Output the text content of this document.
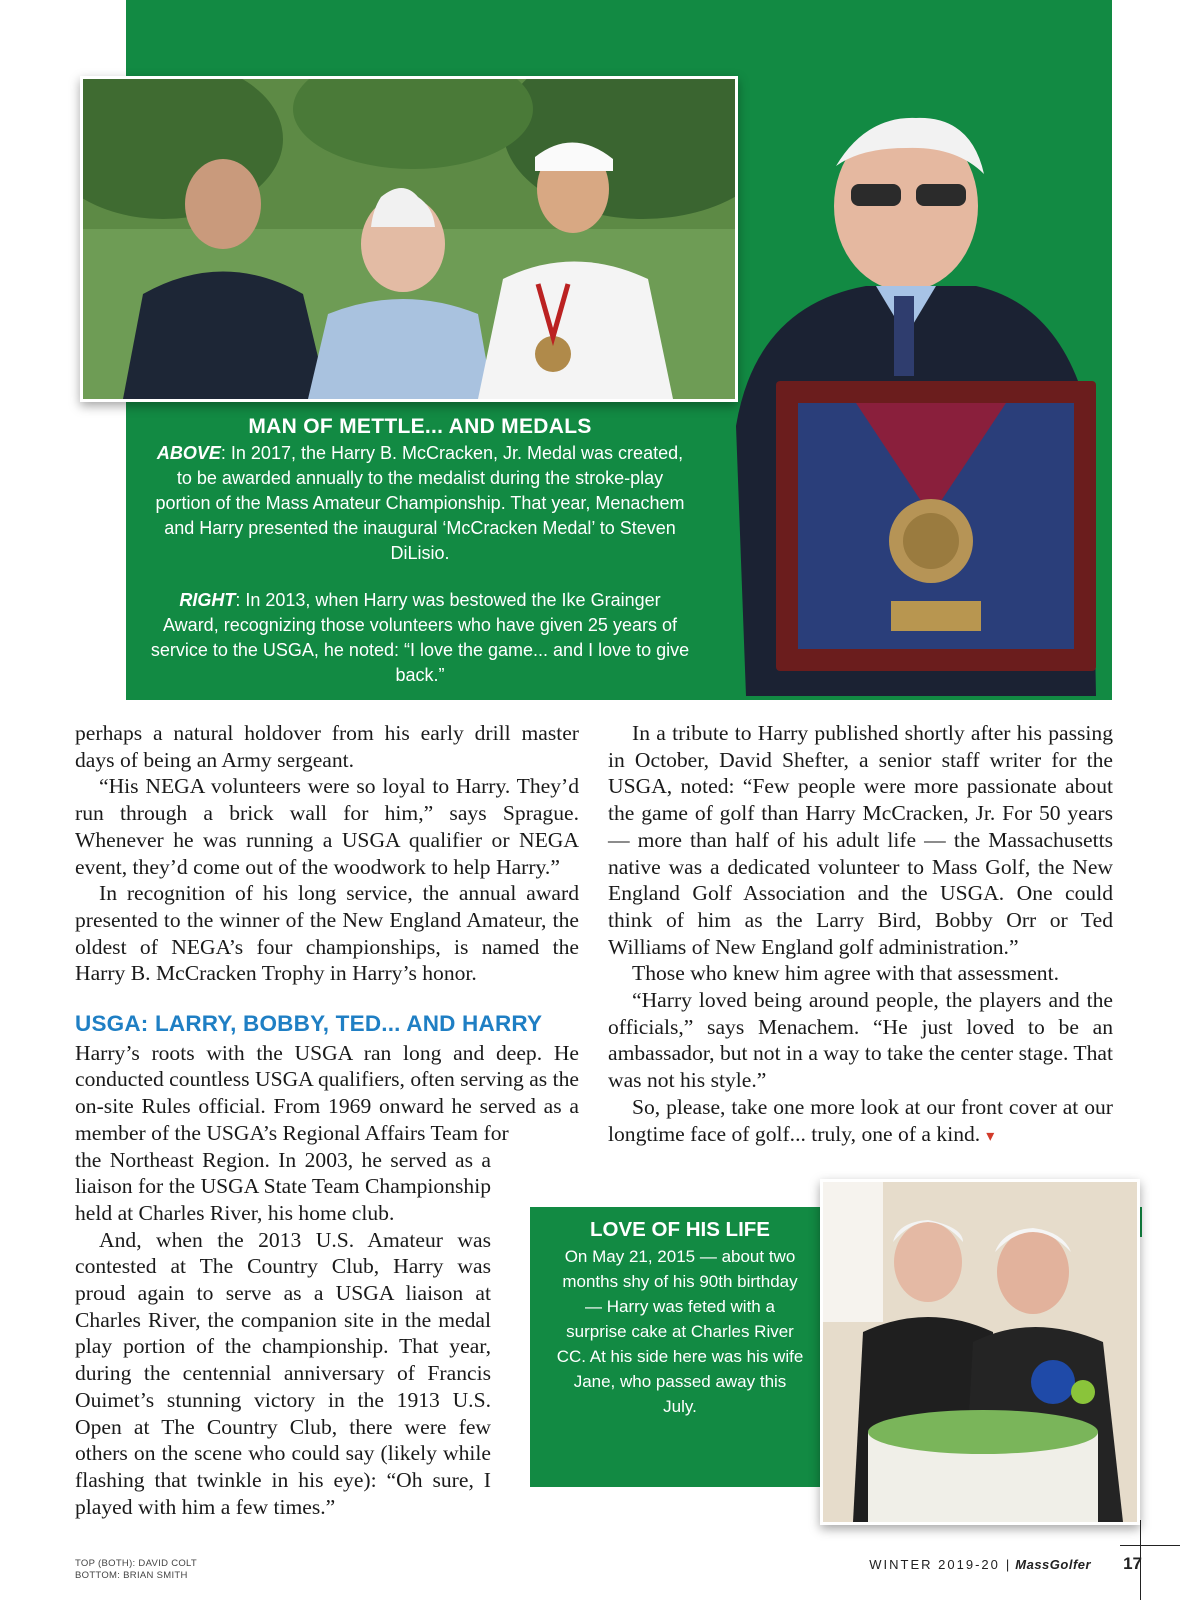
MAN OF METTLE... AND MEDALS

ABOVE: In 2017, the Harry B. McCracken, Jr. Medal was created, to be awarded annually to the medalist during the stroke-play portion of the Mass Amateur Championship. That year, Menachem and Harry presented the inaugural ‘McCracken Medal’ to Steven DiLisio.

RIGHT: In 2013, when Harry was bestowed the Ike Grainger Award, recognizing those volunteers who have given 25 years of service to the USGA, he noted: “I love the game... and I love to give back.”

perhaps a natural holdover from his early drill master days of being an Army sergeant.

“His NEGA volunteers were so loyal to Harry. They’d run through a brick wall for him,” says Sprague. Whenever he was running a USGA qualifier or NEGA event, they’d come out of the woodwork to help Harry.”

In recognition of his long service, the annual award presented to the winner of the New England Amateur, the oldest of NEGA’s four championships, is named the Harry B. McCracken Trophy in Harry’s honor.

USGA: LARRY, BOBBY, TED... AND HARRY

Harry’s roots with the USGA ran long and deep. He conducted countless USGA qualifiers, often serving as the on-site Rules official. From 1969 onward he served as a member of the USGA’s Regional Affairs Team for

the Northeast Region. In 2003, he served as a liaison for the USGA State Team Championship held at Charles River, his home club.

And, when the 2013 U.S. Amateur was contested at The Country Club, Harry was proud again to serve as a USGA liaison at Charles River, the companion site in the medal play portion of the championship. That year, during the centennial anniversary of Francis Ouimet’s stunning victory in the 1913 U.S. Open at The Country Club, there were few others on the scene who could say (likely while flashing that twinkle in his eye): “Oh sure, I played with him a few times.”

In a tribute to Harry published shortly after his passing in October, David Shefter, a senior staff writer for the USGA, noted: “Few people were more passionate about the game of golf than Harry McCracken, Jr. For 50 years — more than half of his adult life — the Massachusetts native was a dedicated volunteer to Mass Golf, the New England Golf Association and the USGA. One could think of him as the Larry Bird, Bobby Orr or Ted Williams of New England golf administration.”

Those who knew him agree with that assessment.

“Harry loved being around people, the players and the officials,” says Menachem. “He just loved to be an ambassador, but not in a way to take the center stage. That was not his style.”

So, please, take one more look at our front cover at our longtime face of golf... truly, one of a kind. ▾

LOVE OF HIS LIFE
On May 21, 2015 — about two months shy of his 90th birthday — Harry was feted with a surprise cake at Charles River CC. At his side here was his wife Jane, who passed away this July.
TOP (BOTH): DAVID COLT
BOTTOM: BRIAN SMITH
WINTER 2019-20 | MassGolfer	17
